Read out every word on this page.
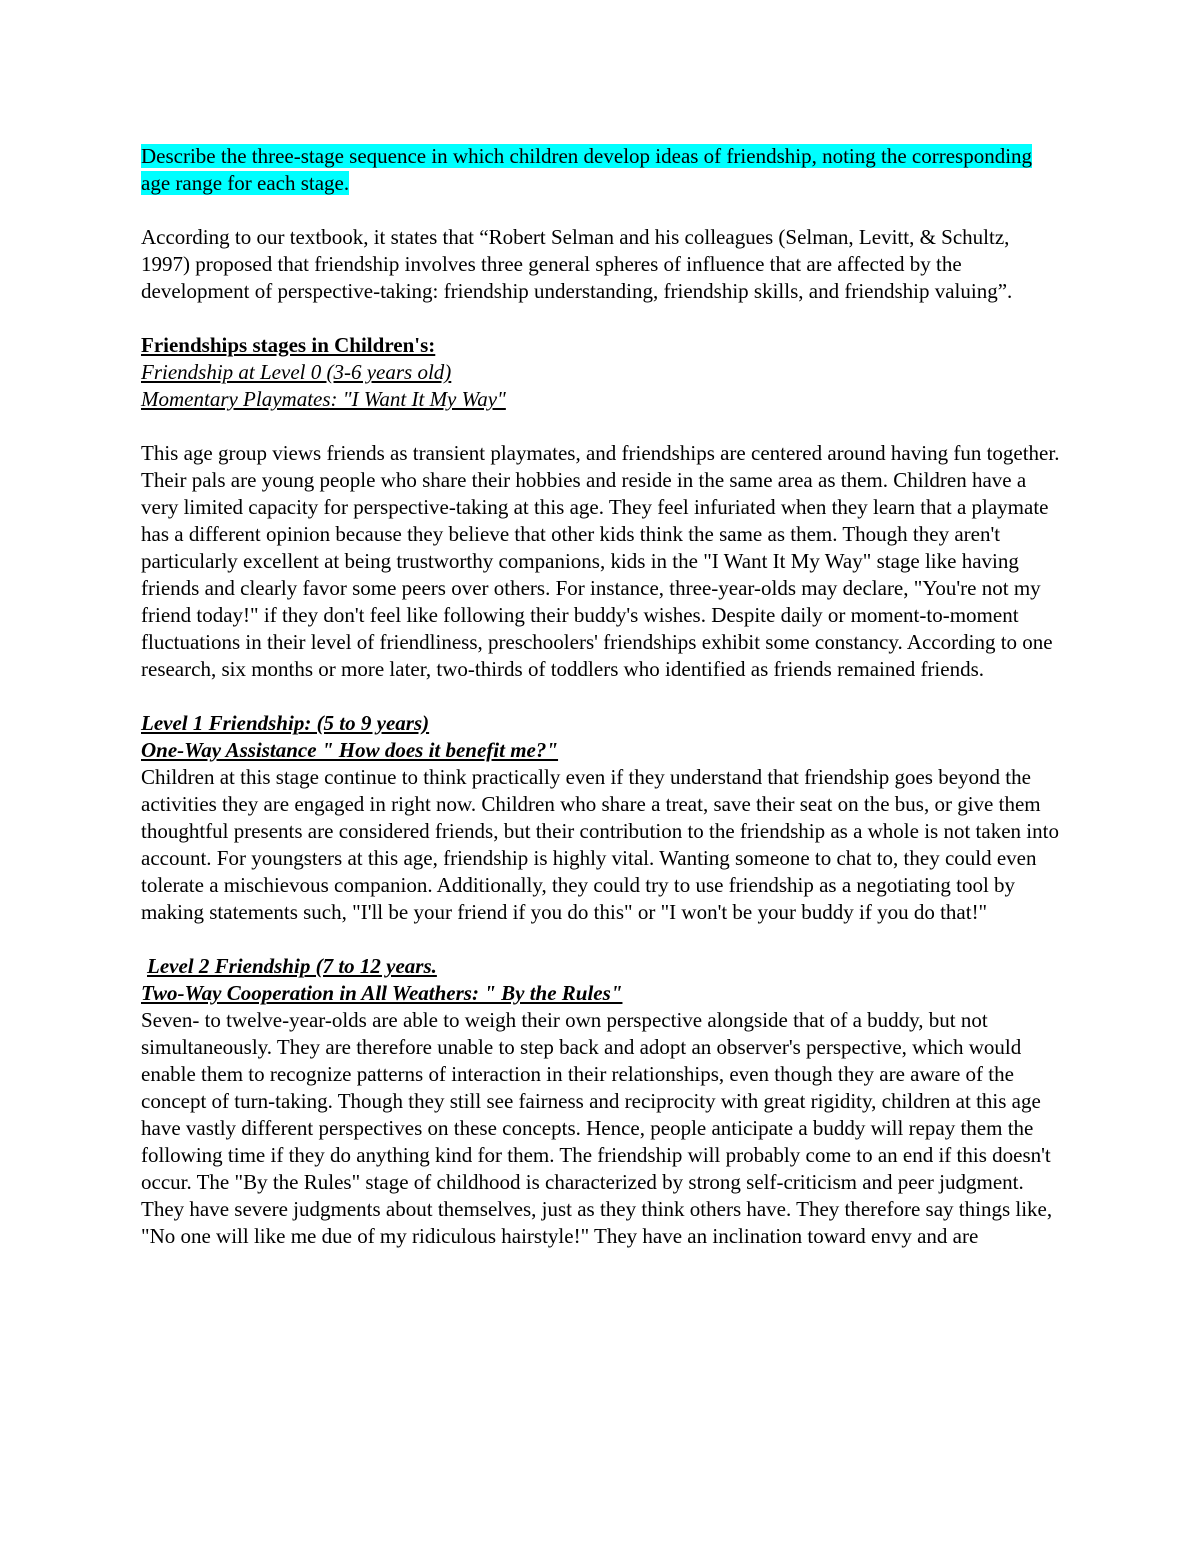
Describe the three-stage sequence in which children develop ideas of friendship, noting the corresponding age range for each stage.

According to our textbook, it states that “Robert Selman and his colleagues (Selman, Levitt, & Schultz, 1997) proposed that friendship involves three general spheres of influence that are affected by the development of perspective-taking: friendship understanding, friendship skills, and friendship valuing”.

Friendships stages in Children's:

Friendship at Level 0 (3-6 years old)

Momentary Playmates: "I Want It My Way"

This age group views friends as transient playmates, and friendships are centered around having fun together. Their pals are young people who share their hobbies and reside in the same area as them. Children have a very limited capacity for perspective-taking at this age. They feel infuriated when they learn that a playmate has a different opinion because they believe that other kids think the same as them. Though they aren't particularly excellent at being trustworthy companions, kids in the "I Want It My Way" stage like having friends and clearly favor some peers over others. For instance, three-year-olds may declare, "You're not my friend today!" if they don't feel like following their buddy's wishes. Despite daily or moment-to-moment fluctuations in their level of friendliness, preschoolers' friendships exhibit some constancy. According to one research, six months or more later, two-thirds of toddlers who identified as friends remained friends.

Level 1 Friendship: (5 to 9 years)

One-Way Assistance " How does it benefit me?"

Children at this stage continue to think practically even if they understand that friendship goes beyond the activities they are engaged in right now. Children who share a treat, save their seat on the bus, or give them thoughtful presents are considered friends, but their contribution to the friendship as a whole is not taken into account. For youngsters at this age, friendship is highly vital. Wanting someone to chat to, they could even tolerate a mischievous companion. Additionally, they could try to use friendship as a negotiating tool by making statements such, "I'll be your friend if you do this" or "I won't be your buddy if you do that!"

Level 2 Friendship (7 to 12 years.

Two-Way Cooperation in All Weathers: " By the Rules"

Seven- to twelve-year-olds are able to weigh their own perspective alongside that of a buddy, but not simultaneously. They are therefore unable to step back and adopt an observer's perspective, which would enable them to recognize patterns of interaction in their relationships, even though they are aware of the concept of turn-taking. Though they still see fairness and reciprocity with great rigidity, children at this age have vastly different perspectives on these concepts. Hence, people anticipate a buddy will repay them the following time if they do anything kind for them. The friendship will probably come to an end if this doesn't occur. The "By the Rules" stage of childhood is characterized by strong self-criticism and peer judgment. They have severe judgments about themselves, just as they think others have. They therefore say things like, "No one will like me due of my ridiculous hairstyle!" They have an inclination toward envy and are
